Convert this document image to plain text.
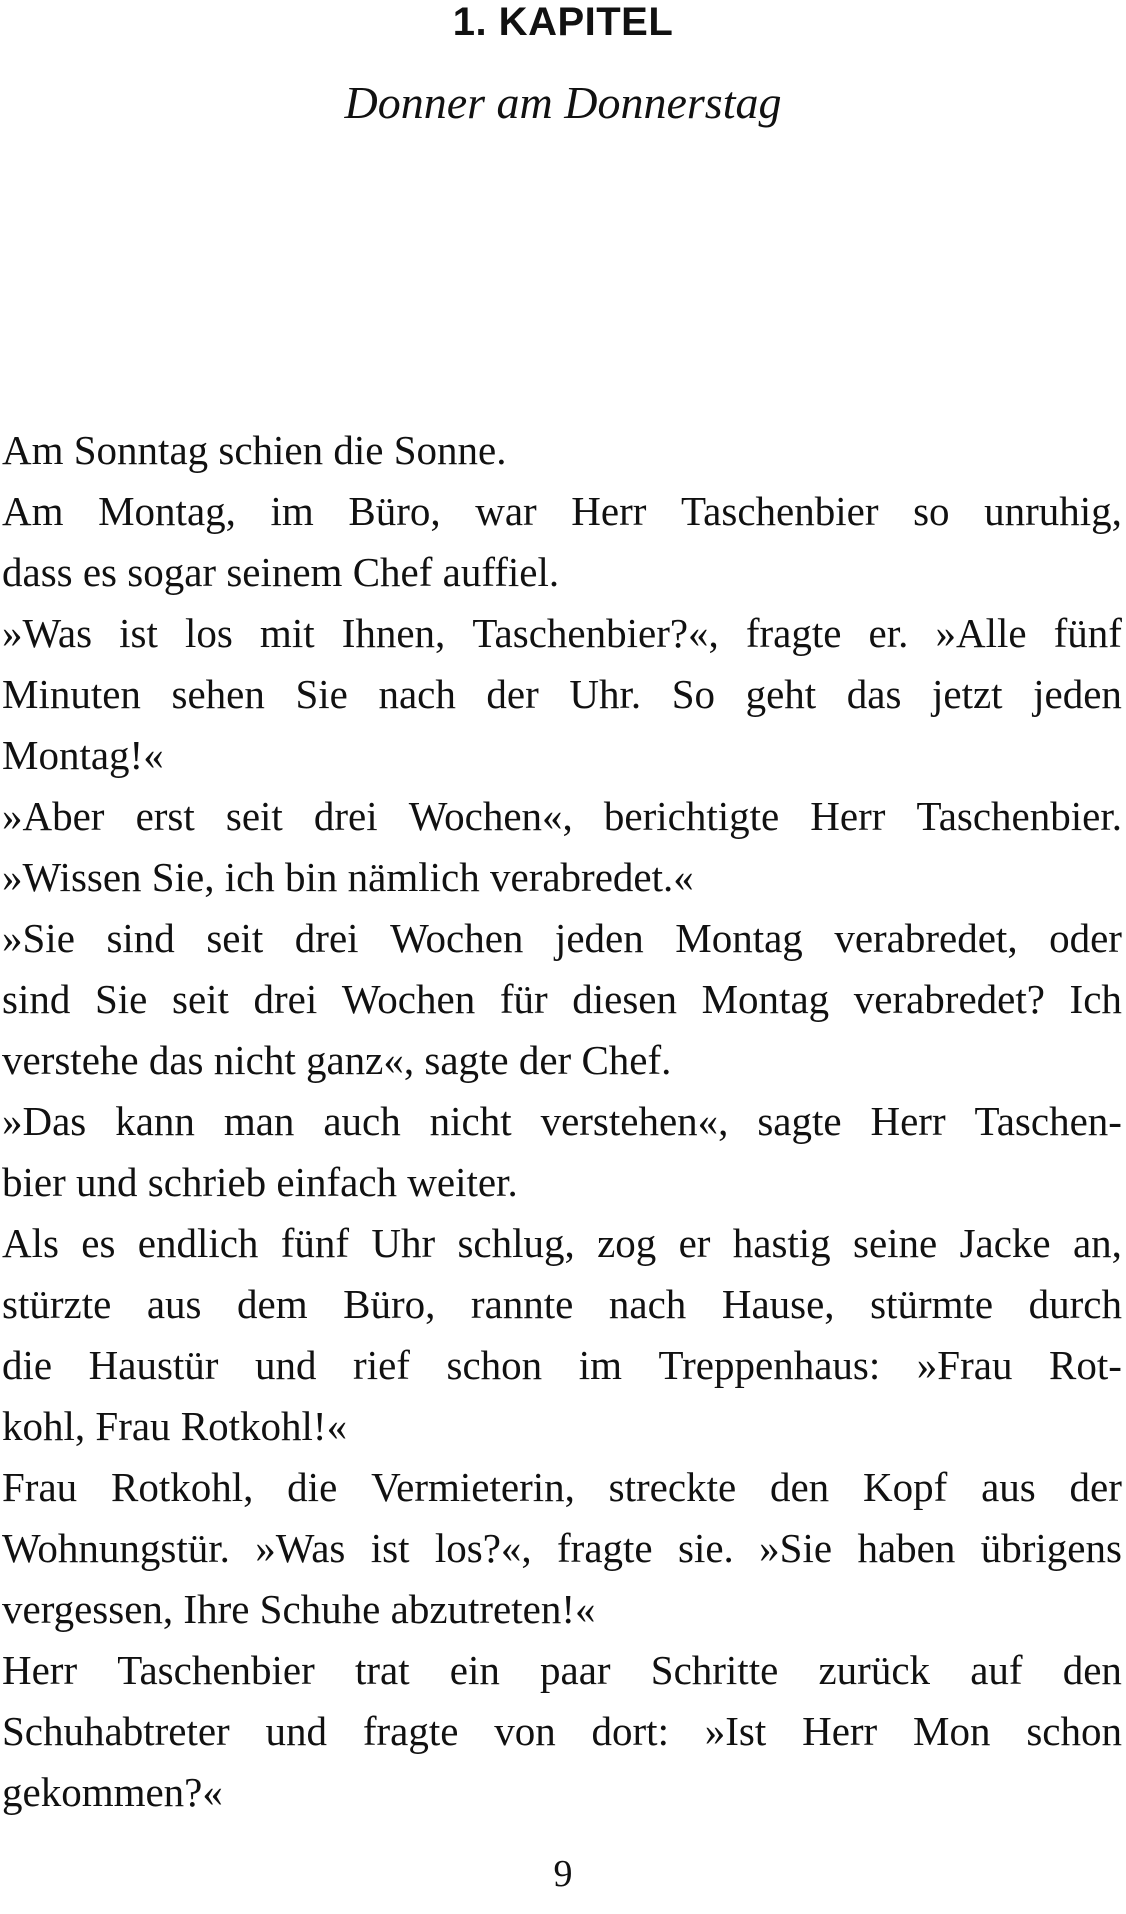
1. KAPITEL
Donner am Donnerstag
Am Sonntag schien die Sonne.
Am Montag, im Büro, war Herr Taschenbier so unruhig,
dass es sogar seinem Chef auffiel.
»Was ist los mit Ihnen, Taschenbier?«, fragte er. »Alle fünf
Minuten sehen Sie nach der Uhr. So geht das jetzt jeden
Montag!«
»Aber erst seit drei Wochen«, berichtigte Herr Taschenbier.
»Wissen Sie, ich bin nämlich verabredet.«
»Sie sind seit drei Wochen jeden Montag verabredet, oder
sind Sie seit drei Wochen für diesen Montag verabredet? Ich
verstehe das nicht ganz«, sagte der Chef.
»Das kann man auch nicht verstehen«, sagte Herr Taschen-
bier und schrieb einfach weiter.
Als es endlich fünf Uhr schlug, zog er hastig seine Jacke an,
stürzte aus dem Büro, rannte nach Hause, stürmte durch
die Haustür und rief schon im Treppenhaus: »Frau Rot-
kohl, Frau Rotkohl!«
Frau Rotkohl, die Vermieterin, streckte den Kopf aus der
Wohnungstür. »Was ist los?«, fragte sie. »Sie haben übrigens
vergessen, Ihre Schuhe abzutreten!«
Herr Taschenbier trat ein paar Schritte zurück auf den
Schuhabtreter und fragte von dort: »Ist Herr Mon schon
gekommen?«
9
